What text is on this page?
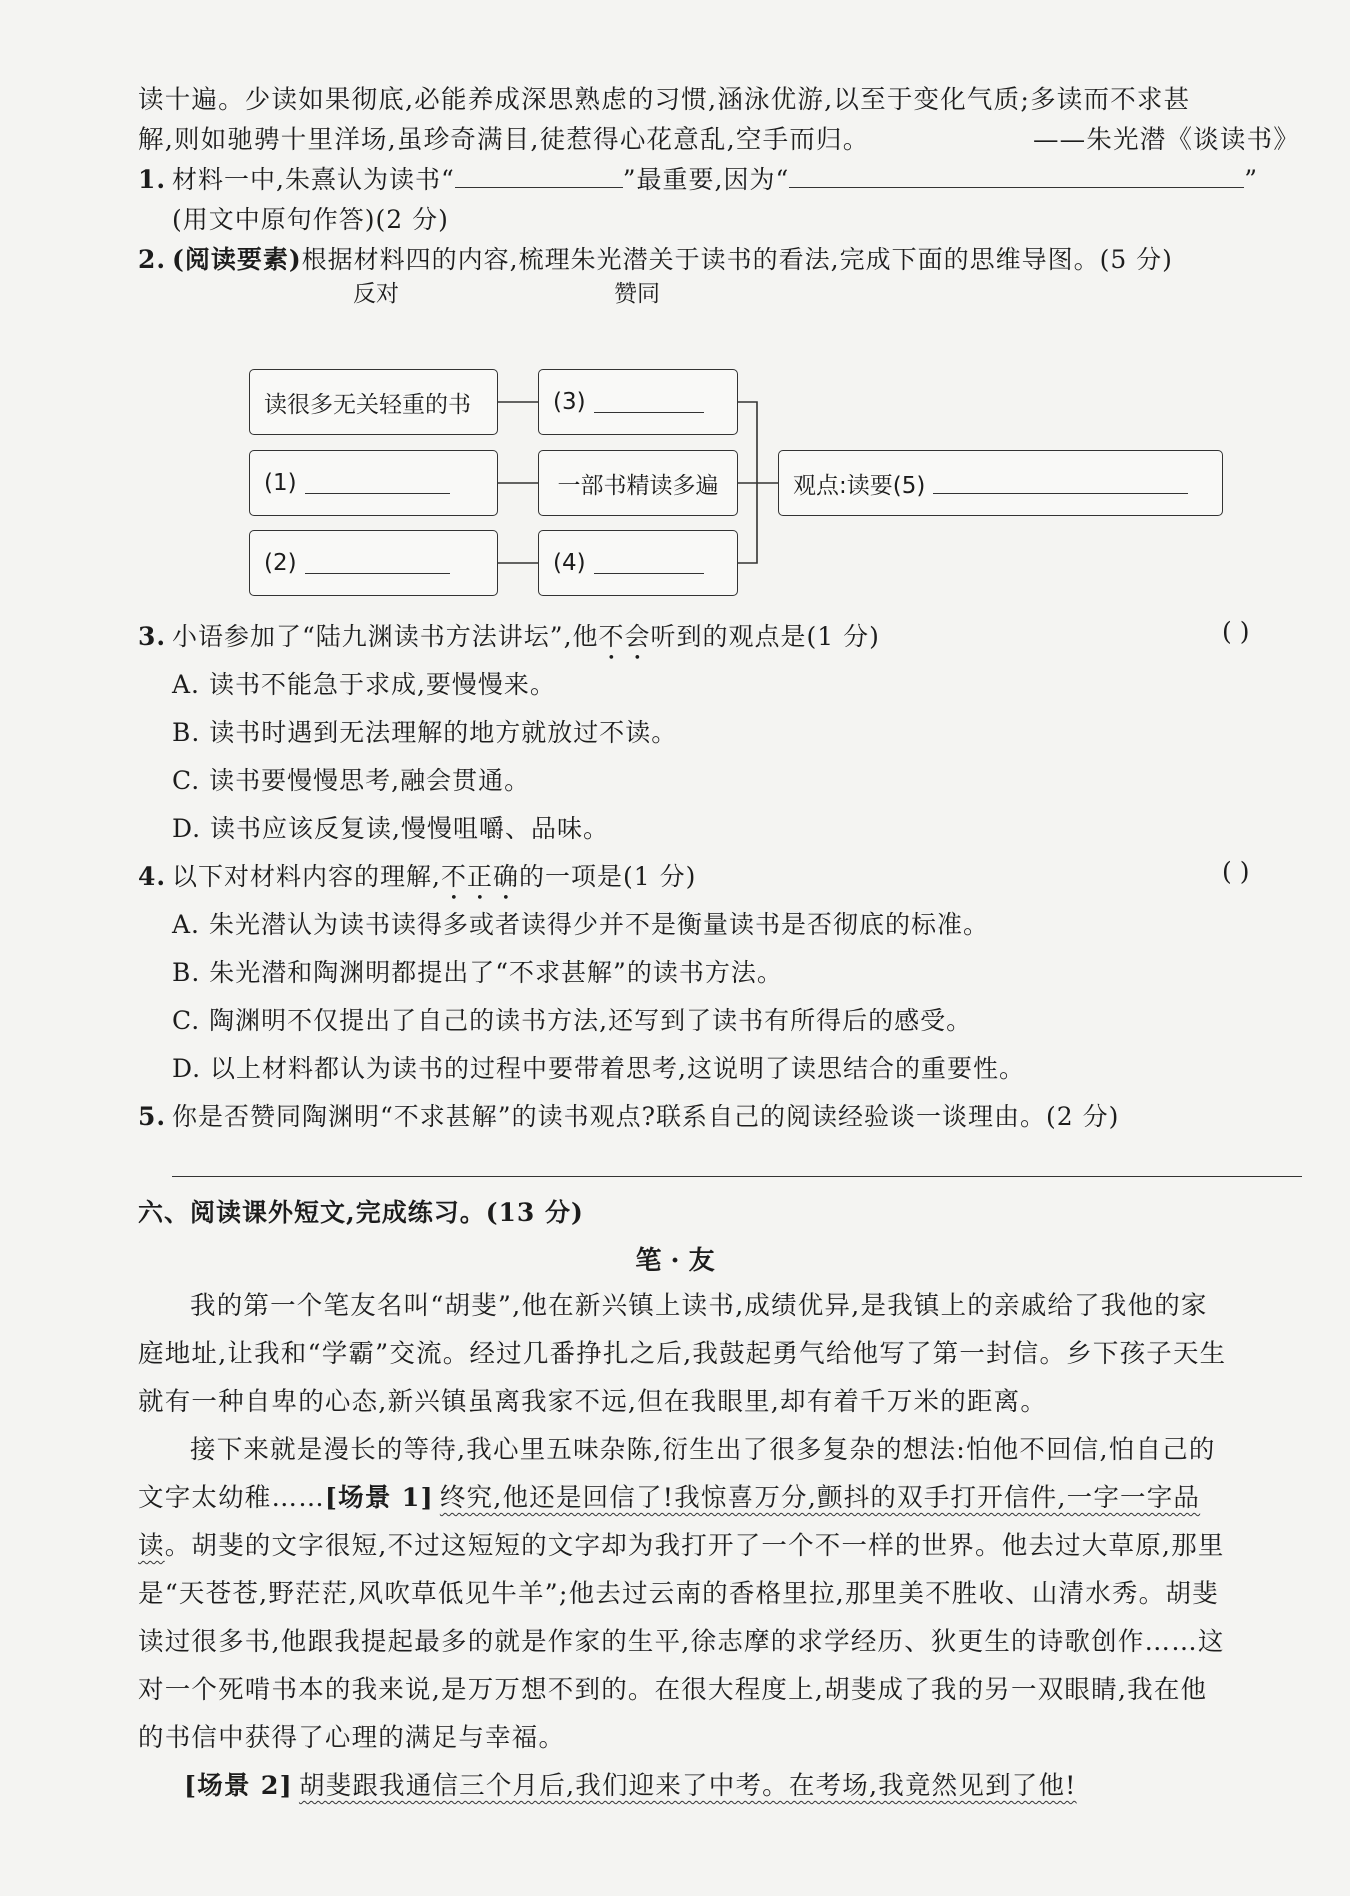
读十遍。少读如果彻底,必能养成深思熟虑的习惯,涵泳优游,以至于变化气质;多读而不求甚
解,则如驰骋十里洋场,虽珍奇满目,徒惹得心花意乱,空手而归。	——朱光潜《谈读书》
1. 材料一中,朱熹认为读书“	”最重要,因为“	”
(用文中原句作答)(2 分)
2. (阅读要素)根据材料四的内容,梳理朱光潜关于读书的看法,完成下面的思维导图。(5 分)
反对	赞同
读很多无关轻重的书
(1)
(2)
(3)
一部书精读多遍
(4)
观点:读要(5)
3. 小语参加了“陆九渊读书方法讲坛”,他不会听到的观点是(1 分)	( )
A. 读书不能急于求成,要慢慢来。
B. 读书时遇到无法理解的地方就放过不读。
C. 读书要慢慢思考,融会贯通。
D. 读书应该反复读,慢慢咀嚼、品味。
4. 以下对材料内容的理解,不正确的一项是(1 分)	( )
A. 朱光潜认为读书读得多或者读得少并不是衡量读书是否彻底的标准。
B. 朱光潜和陶渊明都提出了“不求甚解”的读书方法。
C. 陶渊明不仅提出了自己的读书方法,还写到了读书有所得后的感受。
D. 以上材料都认为读书的过程中要带着思考,这说明了读思结合的重要性。
5. 你是否赞同陶渊明“不求甚解”的读书观点?联系自己的阅读经验谈一谈理由。(2 分)
六、阅读课外短文,完成练习。(13 分)
笔 · 友
我的第一个笔友名叫“胡斐”,他在新兴镇上读书,成绩优异,是我镇上的亲戚给了我他的家
庭地址,让我和“学霸”交流。经过几番挣扎之后,我鼓起勇气给他写了第一封信。乡下孩子天生
就有一种自卑的心态,新兴镇虽离我家不远,但在我眼里,却有着千万米的距离。
接下来就是漫长的等待,我心里五味杂陈,衍生出了很多复杂的想法:怕他不回信,怕自己的
文字太幼稚……[场景 1] 终究,他还是回信了!我惊喜万分,颤抖的双手打开信件,一字一字品
读。胡斐的文字很短,不过这短短的文字却为我打开了一个不一样的世界。他去过大草原,那里
是“天苍苍,野茫茫,风吹草低见牛羊”;他去过云南的香格里拉,那里美不胜收、山清水秀。胡斐
读过很多书,他跟我提起最多的就是作家的生平,徐志摩的求学经历、狄更生的诗歌创作……这
对一个死啃书本的我来说,是万万想不到的。在很大程度上,胡斐成了我的另一双眼睛,我在他
的书信中获得了心理的满足与幸福。
[场景 2] 胡斐跟我通信三个月后,我们迎来了中考。在考场,我竟然见到了他!
